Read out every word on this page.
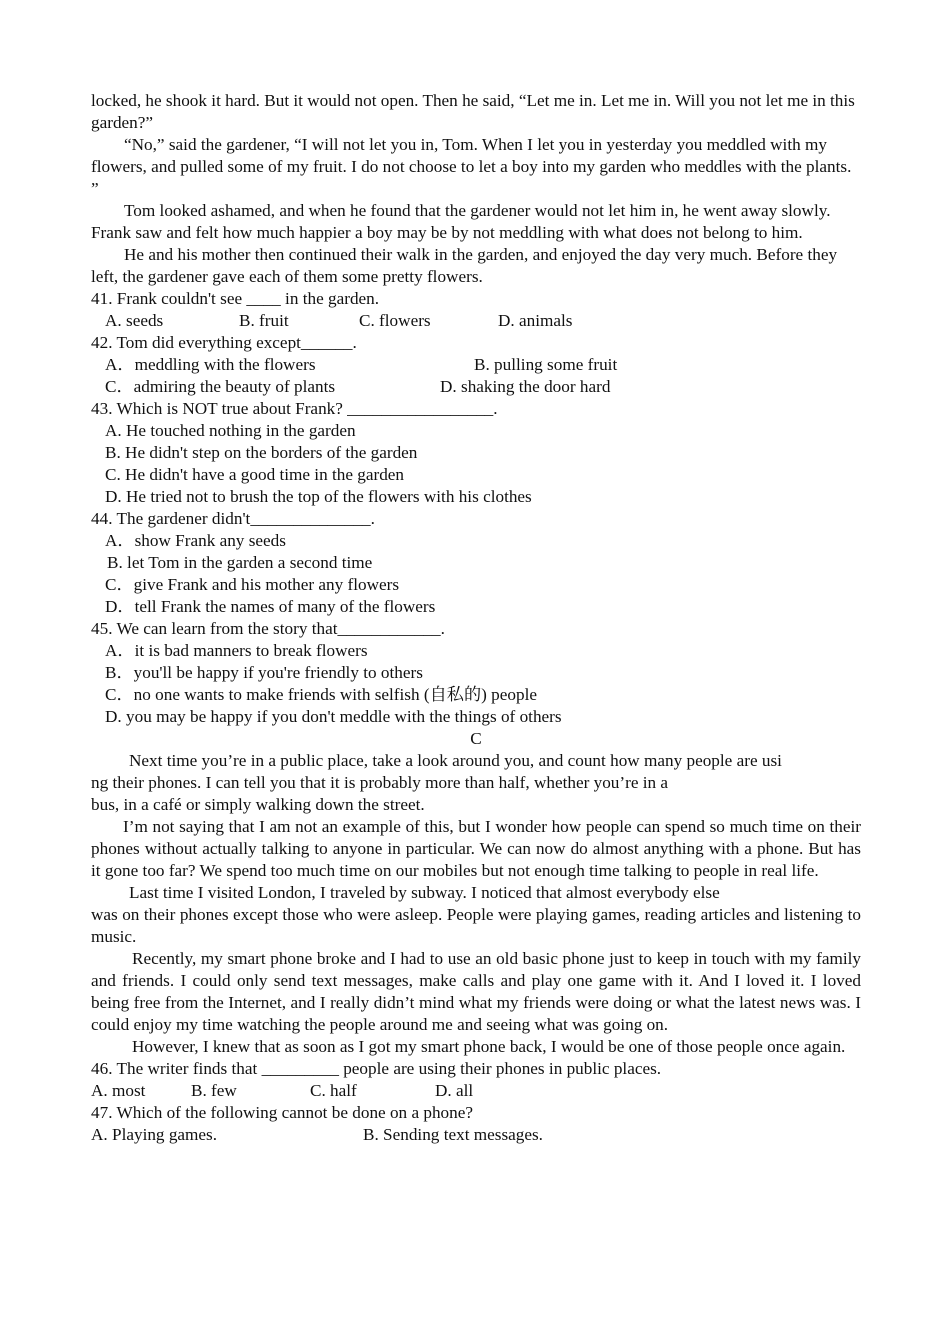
locked, he shook it hard. But it would not open. Then he said, “Let me in. Let me in. Will you not let me in this garden?”

“No,” said the gardener, “I will not let you in, Tom. When I let you in yesterday you meddled with my flowers, and pulled some of my fruit. I do not choose to let a boy into my garden who meddles with the plants. ”

Tom looked ashamed, and when he found that the gardener would not let him in, he went away slowly. Frank saw and felt how much happier a boy may be by not meddling with what does not belong to him.

He and his mother then continued their walk in the garden, and enjoyed the day very much. Before they left, the gardener gave each of them some pretty flowers.

41. Frank couldn't see ____ in the garden.

A. seeds	B. fruit	C. flowers	D. animals

42. Tom did everything except______.

A．meddling with the flowers	B. pulling some fruit
C．admiring the beauty of plants	D. shaking the door hard

43. Which is NOT true about Frank? _________________.

A. He touched nothing in the garden

B. He didn't step on the borders of the garden

C. He didn't have a good time in the garden

D. He tried not to brush the top of the flowers with his clothes

44. The gardener didn't______________.

A．show Frank any seeds

B. let Tom in the garden a second time

C．give Frank and his mother any flowers

D．tell Frank the names of many of the flowers

45. We can learn from the story that____________.

A．it is bad manners to break flowers

B．you'll be happy if you're friendly to others

C．no one wants to make friends with selfish (自私的) people

D. you may be happy if you don't meddle with the things of others

C

Next time you’re in a public place, take a look around you, and count how many people are usi

ng their phones. I can tell you that it is probably more than half, whether you’re in a

bus, in a café or simply walking down the street.

I’m not saying that I am not an example of this, but I wonder how people can spend so much time on their phones without actually talking to anyone in particular. We can now do almost anything with a phone. But has it gone too far? We spend too much time on our mobiles but not enough time talking to people in real life.

Last time I visited London, I traveled by subway. I noticed that almost everybody else

was on their phones except those who were asleep. People were playing games, reading articles and listening to music.

Recently, my smart phone broke and I had to use an old basic phone just to keep in touch with my family and friends. I could only send text messages, make calls and play one game with it. And I loved it. I loved being free from the Internet, and I really didn’t mind what my friends were doing or what the latest news was. I could enjoy my time watching the people around me and seeing what was going on.

However, I knew that as soon as I got my smart phone back, I would be one of those people once again.

46. The writer finds that _________ people are using their phones in public places.

A. most	B. few	C. half	D. all

47. Which of the following cannot be done on a phone?

A. Playing games.	B. Sending text messages.
